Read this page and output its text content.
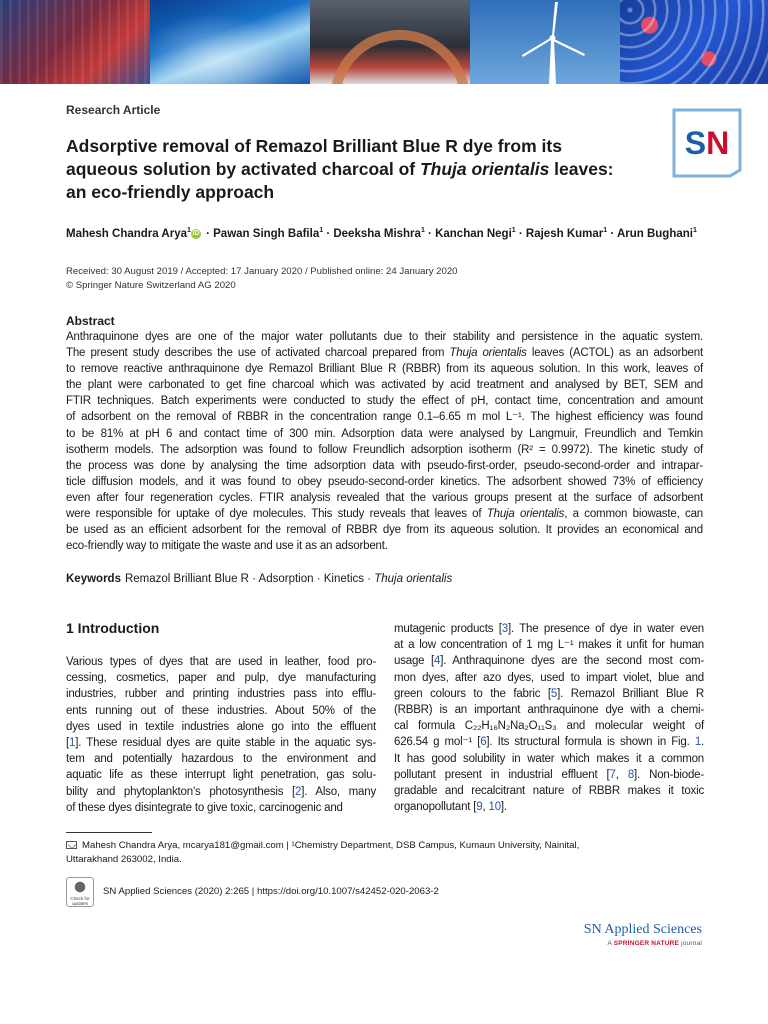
Research Article
Adsorptive removal of Remazol Brilliant Blue R dye from its aqueous solution by activated charcoal of Thuja orientalis leaves: an eco-friendly approach
SN
Mahesh Chandra Arya$^1$ iD · Pawan Singh Bafila$^1$ · Deeksha Mishra$^1$ · Kanchan Negi$^1$ · Rajesh Kumar$^1$ · Arun Bughani$^1$
Received: 30 August 2019 / Accepted: 17 January 2020 / Published online: 24 January 2020
© Springer Nature Switzerland AG 2020
Abstract
Anthraquinone dyes are one of the major water pollutants due to their stability and persistence in the aquatic system.
The present study describes the use of activated charcoal prepared from Thuja orientalis leaves (ACTOL) as an adsorbent
to remove reactive anthraquinone dye Remazol Brilliant Blue R (RBBR) from its aqueous solution. In this work, leaves of
the plant were carbonated to get fine charcoal which was activated by acid treatment and analysed by BET, SEM and
FTIR techniques. Batch experiments were conducted to study the effect of pH, contact time, concentration and amount
of adsorbent on the removal of RBBR in the concentration range 0.1–6.65 m mol L⁻¹. The highest efficiency was found
to be 81% at pH 6 and contact time of 300 min. Adsorption data were analysed by Langmuir, Freundlich and Temkin
isotherm models. The adsorption was found to follow Freundlich adsorption isotherm (R² = 0.9972). The kinetic study of
the process was done by analysing the time adsorption data with pseudo-first-order, pseudo-second-order and intrapar-
ticle diffusion models, and it was found to obey pseudo-second-order kinetics. The adsorbent showed 73% of efficiency
even after four regeneration cycles. FTIR analysis revealed that the various groups present at the surface of adsorbent
were responsible for uptake of dye molecules. This study reveals that leaves of Thuja orientalis, a common biowaste, can
be used as an efficient adsorbent for the removal of RBBR dye from its aqueous solution. It provides an economical and
eco-friendly way to mitigate the waste and use it as an adsorbent.
Keywords Remazol Brilliant Blue R · Adsorption · Kinetics · Thuja orientalis
1 Introduction
Various types of dyes that are used in leather, food pro-
cessing, cosmetics, paper and pulp, dye manufacturing
industries, rubber and printing industries pass into efflu-
ents running out of these industries. About 50% of the
dyes used in textile industries alone go into the effluent
[1]. These residual dyes are quite stable in the aquatic sys-
tem and potentially hazardous to the environment and
aquatic life as these interrupt light penetration, gas solu-
bility and phytoplankton’s photosynthesis [2]. Also, many
of these dyes disintegrate to give toxic, carcinogenic and
mutagenic products [3]. The presence of dye in water even
at a low concentration of 1 mg L⁻¹ makes it unfit for human
usage [4]. Anthraquinone dyes are the second most com-
mon dyes, after azo dyes, used to impart violet, blue and
green colours to the fabric [5]. Remazol Brilliant Blue R
(RBBR) is an important anthraquinone dye with a chemi-
cal formula C₂₂H₁₆N₂Na₂O₁₁S₃ and molecular weight of
626.54 g mol⁻¹ [6]. Its structural formula is shown in Fig. 1.
It has good solubility in water which makes it a common
pollutant present in industrial effluent [7, 8]. Non-biode-
gradable and recalcitrant nature of RBBR makes it toxic
organopollutant [9, 10].
Mahesh Chandra Arya, mcarya181@gmail.com | ¹Chemistry Department, DSB Campus, Kumaun University, Nainital,
Uttarakhand 263002, India.
Check for updates
SN Applied Sciences (2020) 2:265 | https://doi.org/10.1007/s42452-020-2063-2
SN Applied Sciences
A SPRINGER NATURE journal
